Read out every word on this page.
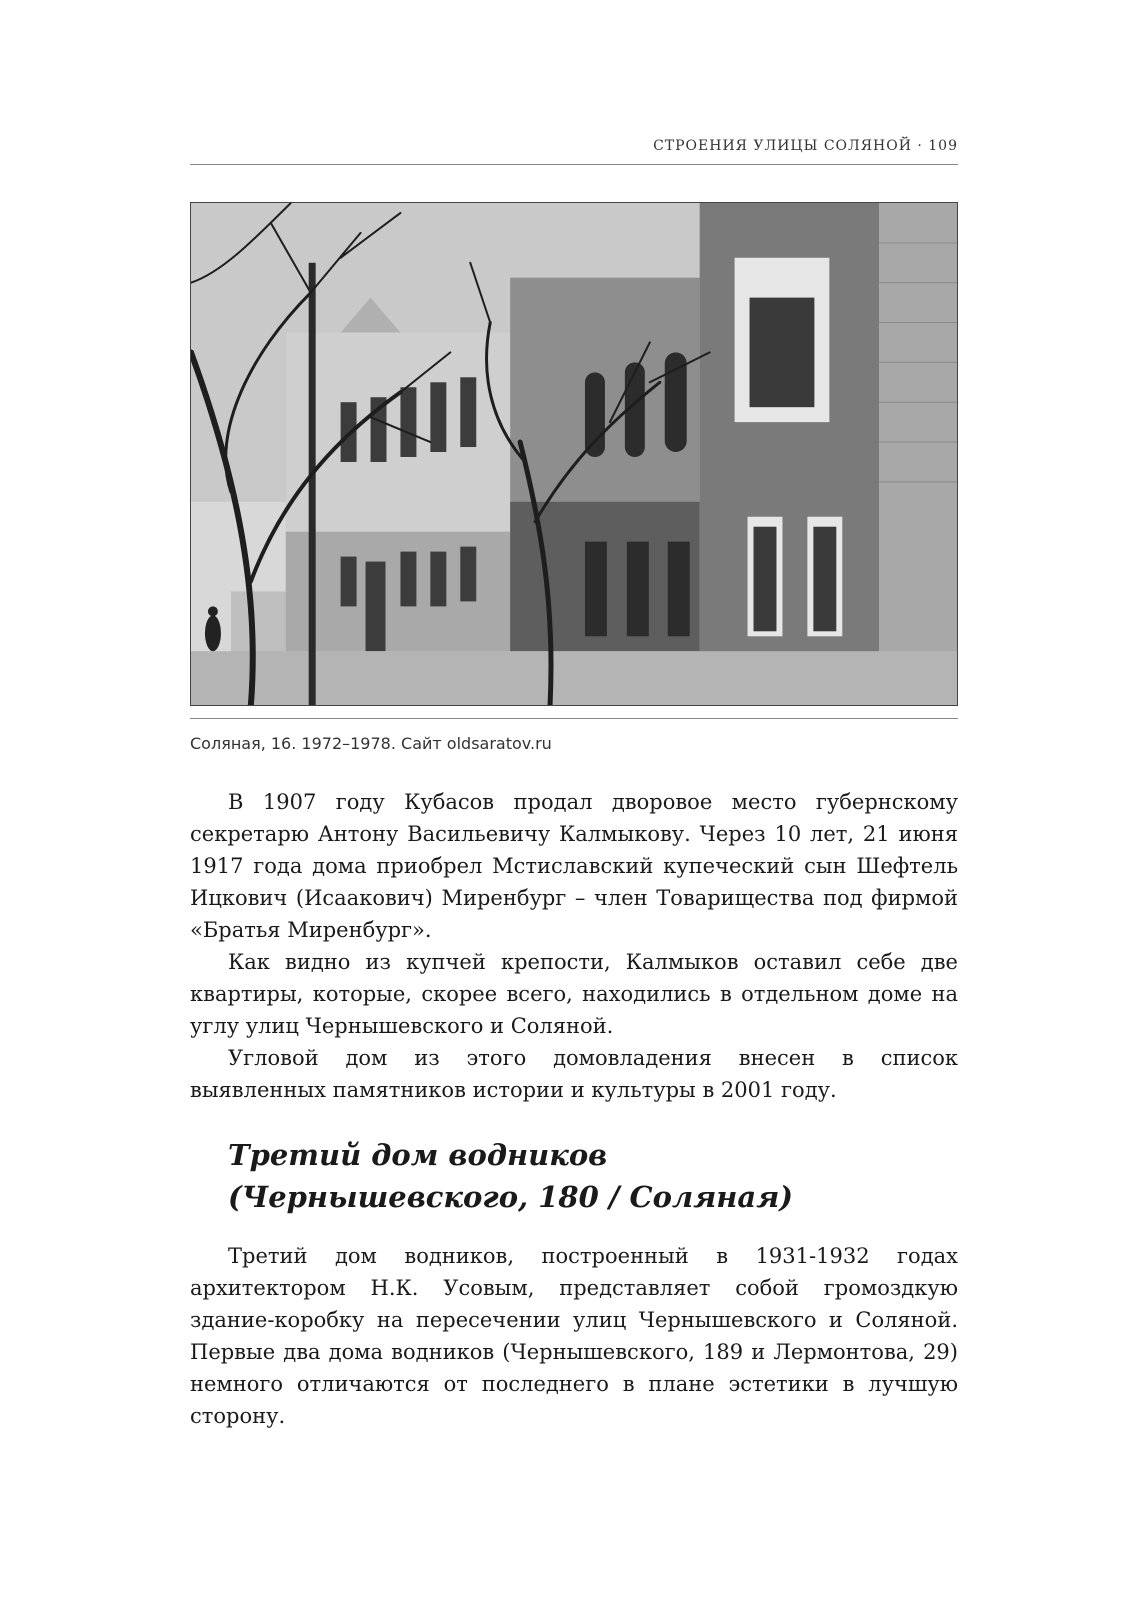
СТРОЕНИЯ УЛИЦЫ СОЛЯНОЙ · 109
Соляная, 16. 1972–1978. Сайт oldsaratov.ru

В 1907 году Кубасов продал дворовое место губернскому секретарю Антону Васильевичу Калмыкову. Через 10 лет, 21 июня 1917 года дома приобрел Мстиславский купеческий сын Шефтель Ицкович (Исаакович) Миренбург – член Товарищества под фирмой «Братья Миренбург».

Как видно из купчей крепости, Калмыков оставил себе две квартиры, которые, скорее всего, находились в отдельном доме на углу улиц Чернышевского и Соляной.

Угловой дом из этого домовладения внесен в список выявленных памятников истории и культуры в 2001 году.

Третий дом водников
(Чернышевского, 180 / Соляная)

Третий дом водников, построенный в 1931-1932 годах архитектором Н.К. Усовым, представляет собой громоздкую здание-коробку на пересечении улиц Чернышевского и Соляной. Первые два дома водников (Чернышевского, 189 и Лермонтова, 29) немного отличаются от последнего в плане эстетики в лучшую сторону.
